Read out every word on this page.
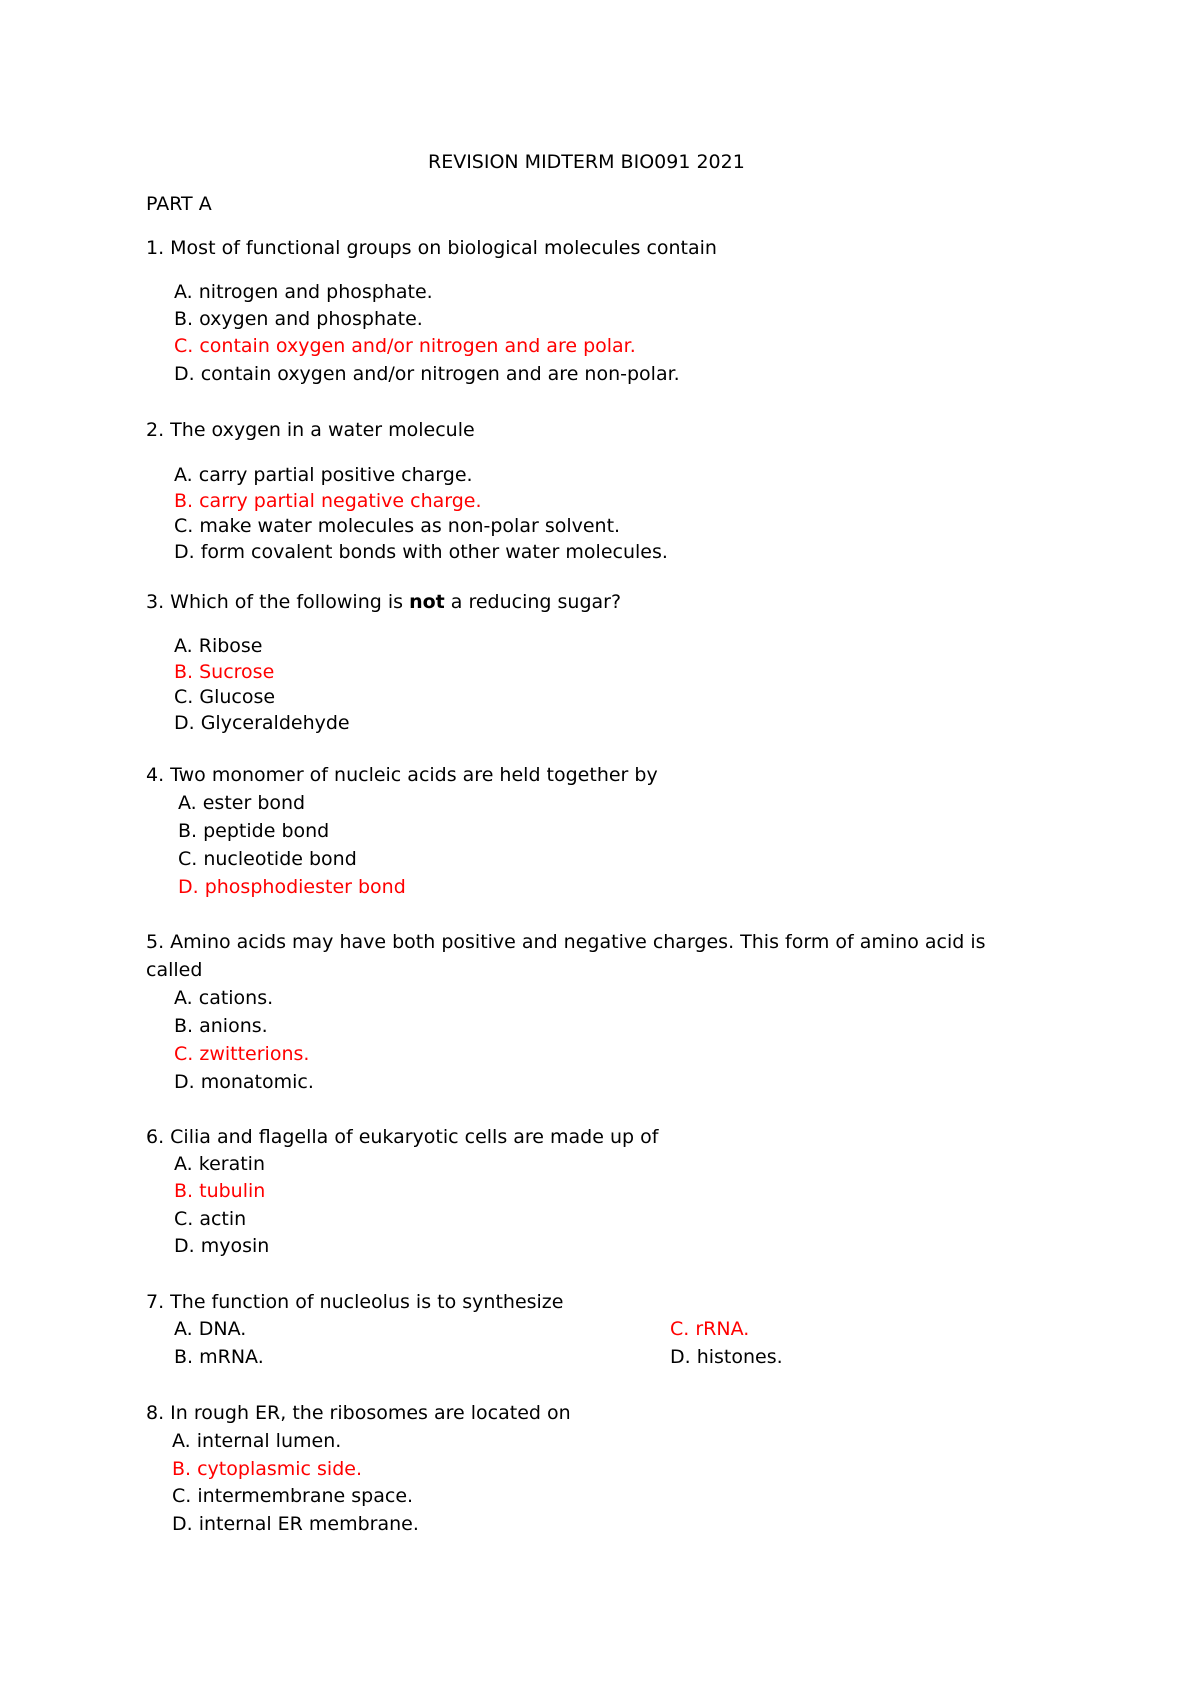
REVISION MIDTERM BIO091 2021
PART A
1. Most of functional groups on biological molecules contain
A. nitrogen and phosphate.
B. oxygen and phosphate.
C. contain oxygen and/or nitrogen and are polar.
D. contain oxygen and/or nitrogen and are non-polar.
2. The oxygen in a water molecule
A. carry partial positive charge.
B. carry partial negative charge.
C. make water molecules as non-polar solvent.
D. form covalent bonds with other water molecules.
3. Which of the following is not a reducing sugar?
A. Ribose
B. Sucrose
C. Glucose
D. Glyceraldehyde
4. Two monomer of nucleic acids are held together by
A. ester bond
B. peptide bond
C. nucleotide bond
D. phosphodiester bond
5. Amino acids may have both positive and negative charges. This form of amino acid is
called
A. cations.
B. anions.
C. zwitterions.
D. monatomic.
6. Cilia and flagella of eukaryotic cells are made up of
A. keratin
B. tubulin
C. actin
D. myosin
7. The function of nucleolus is to synthesize
A. DNA.
B. mRNA.
C. rRNA.
D. histones.
8. In rough ER, the ribosomes are located on
A. internal lumen.
B. cytoplasmic side.
C. intermembrane space.
D. internal ER membrane.
